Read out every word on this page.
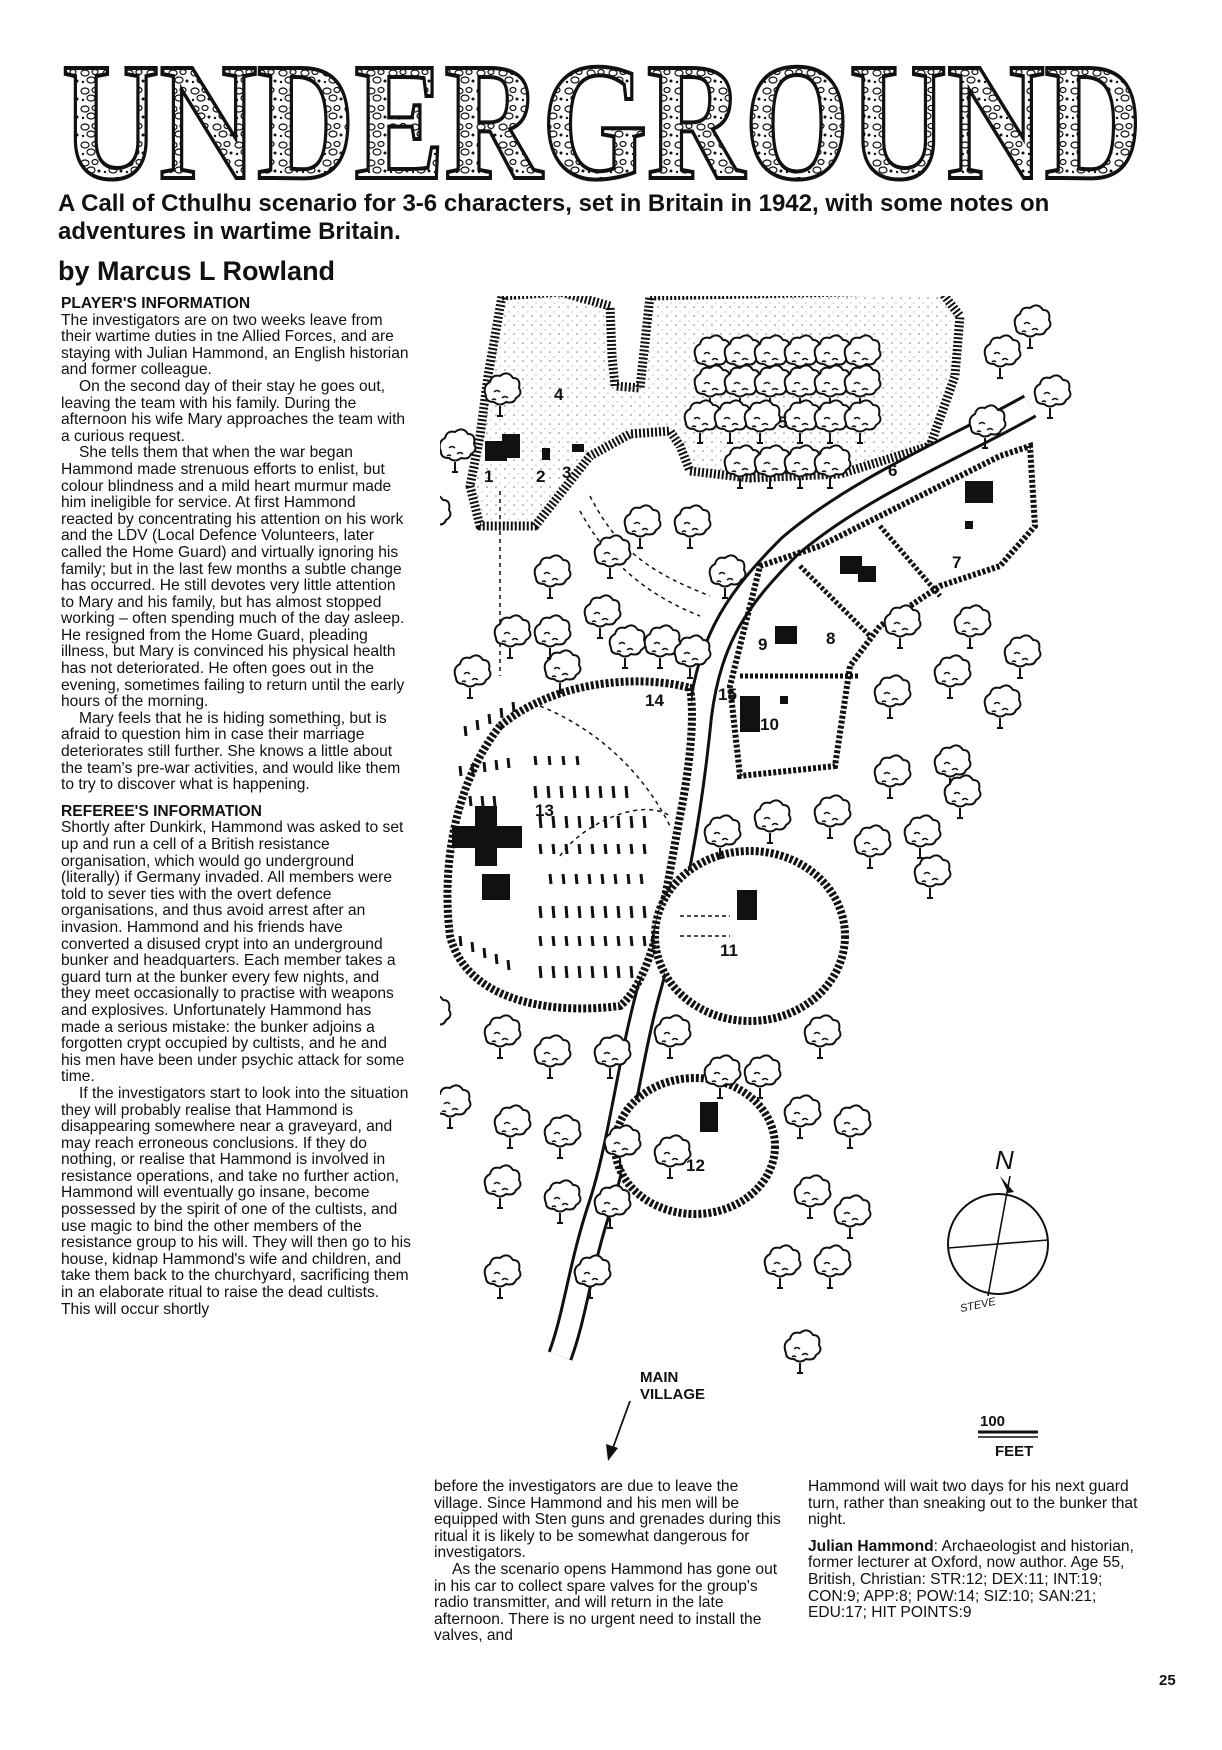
UNDERGROUND
A Call of Cthulhu scenario for 3-6 characters, set in Britain in 1942, with some notes on adventures in wartime Britain.
by Marcus L Rowland
PLAYER'S INFORMATION

The investigators are on two weeks leave from their wartime duties in tne Allied Forces, and are staying with Julian Hammond, an English historian and former colleague.

On the second day of their stay he goes out, leaving the team with his family. During the afternoon his wife Mary approaches the team with a curious request.

She tells them that when the war began Hammond made strenuous efforts to enlist, but colour blindness and a mild heart murmur made him ineligible for service. At first Hammond reacted by concentrating his attention on his work and the LDV (Local Defence Volunteers, later called the Home Guard) and virtually ignoring his family; but in the last few months a subtle change has occurred. He still devotes very little attention to Mary and his family, but has almost stopped working – often spending much of the day asleep. He resigned from the Home Guard, pleading illness, but Mary is convinced his physical health has not deteriorated. He often goes out in the evening, sometimes failing to return until the early hours of the morning.

Mary feels that he is hiding something, but is afraid to question him in case their marriage deteriorates still further. She knows a little about the team's pre-war activities, and would like them to try to discover what is happening.

REFEREE'S INFORMATION

Shortly after Dunkirk, Hammond was asked to set up and run a cell of a British resistance organisation, which would go underground (literally) if Germany invaded. All members were told to sever ties with the overt defence organisations, and thus avoid arrest after an invasion. Hammond and his friends have converted a disused crypt into an underground bunker and headquarters. Each member takes a guard turn at the bunker every few nights, and they meet occasionally to practise with weapons and explosives. Unfortunately Hammond has made a serious mistake: the bunker adjoins a forgotten crypt occupied by cultists, and he and his men have been under psychic attack for some time.

If the investigators start to look into the situation they will probably realise that Hammond is disappearing somewhere near a graveyard, and may reach erroneous conclusions. If they do nothing, or realise that Hammond is involved in resistance operations, and take no further action, Hammond will eventually go insane, become possessed by the spirit of one of the cultists, and use magic to bind the other members of the resistance group to his will. They will then go to his house, kidnap Hammond's wife and children, and take them back to the churchyard, sacrificing them in an elaborate ritual to raise the dead cultists. This will occur shortly

before the investigators are due to leave the village. Since Hammond and his men will be equipped with Sten guns and grenades during this ritual it is likely to be somewhat dangerous for investigators.

As the scenario opens Hammond has gone out in his car to collect spare valves for the group's radio transmitter, and will return in the late afternoon. There is no urgent need to install the valves, and

Hammond will wait two days for his next guard turn, rather than sneaking out to the bunker that night.

Julian Hammond: Archaeologist and historian, former lecturer at Oxford, now author. Age 55, British, Christian: STR:12; DEX:11; INT:19; CON:9; APP:8; POW:14; SIZ:10; SAN:21; EDU:17; HIT POINTS:9

1	2 3
4
5
6
7
8
9
10
11
12
13
14	15
MAIN
VILLAGE
100
FEET
N
STEVE
25
